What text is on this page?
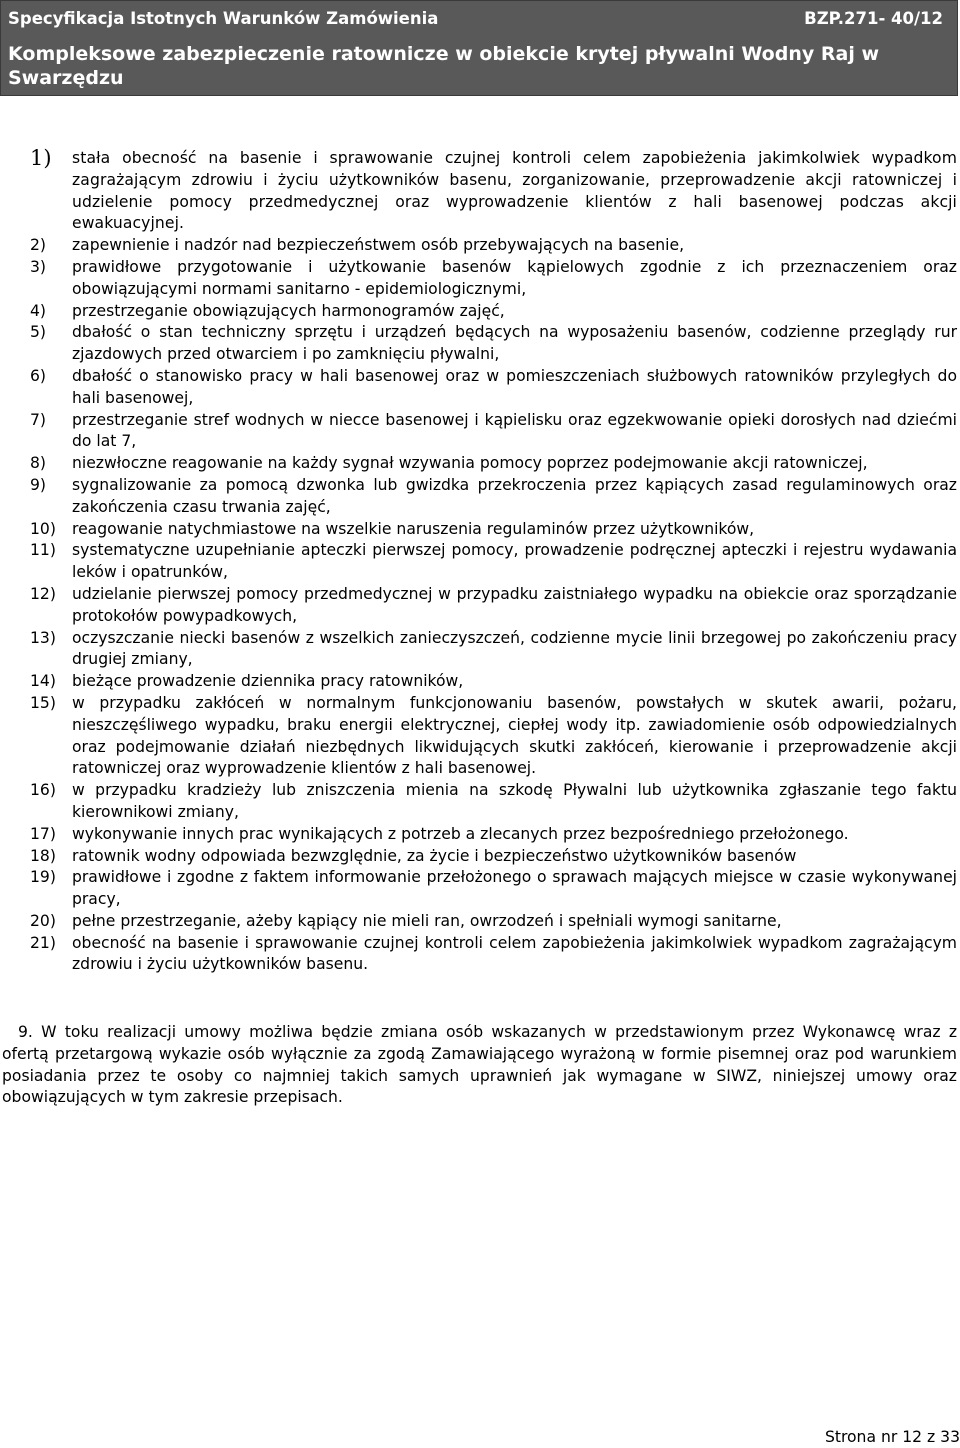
Specyfikacja Istotnych Warunków Zamówienia	BZP.271- 40/12
Kompleksowe zabezpieczenie ratownicze w obiekcie krytej pływalni Wodny Raj w Swarzędzu
1)	stała obecność na basenie i sprawowanie czujnej kontroli celem zapobieżenia jakimkolwiek wypadkom zagrażającym zdrowiu i życiu użytkowników basenu, zorganizowanie, przeprowadzenie akcji ratowniczej i udzielenie pomocy przedmedycznej oraz wyprowadzenie klientów z hali basenowej podczas akcji ewakuacyjnej.
2)	zapewnienie i nadzór nad bezpieczeństwem osób przebywających na basenie,
3)	prawidłowe przygotowanie i użytkowanie basenów kąpielowych zgodnie z ich przeznaczeniem oraz obowiązującymi normami sanitarno - epidemiologicznymi,
4)	przestrzeganie obowiązujących harmonogramów zajęć,
5)	dbałość o stan techniczny sprzętu i urządzeń będących na wyposażeniu basenów, codzienne przeglądy rur zjazdowych przed otwarciem i po zamknięciu pływalni,
6)	dbałość o stanowisko pracy w hali basenowej oraz w pomieszczeniach służbowych ratowników przyległych do hali basenowej,
7)	przestrzeganie stref wodnych w niecce basenowej i kąpielisku oraz egzekwowanie opieki dorosłych nad dziećmi do lat 7,
8)	niezwłoczne reagowanie na każdy sygnał wzywania pomocy poprzez podejmowanie akcji ratowniczej,
9)	sygnalizowanie za pomocą dzwonka lub gwizdka przekroczenia przez kąpiących zasad regulaminowych oraz zakończenia czasu trwania zajęć,
10)	reagowanie natychmiastowe na wszelkie naruszenia regulaminów przez użytkowników,
11)	systematyczne uzupełnianie apteczki pierwszej pomocy, prowadzenie podręcznej apteczki i rejestru wydawania leków i opatrunków,
12)	udzielanie pierwszej pomocy przedmedycznej w przypadku zaistniałego wypadku na obiekcie oraz sporządzanie protokołów powypadkowych,
13)	oczyszczanie niecki basenów z wszelkich zanieczyszczeń, codzienne mycie linii brzegowej po zakończeniu pracy drugiej zmiany,
14)	bieżące prowadzenie dziennika pracy ratowników,
15)	w przypadku zakłóceń w normalnym funkcjonowaniu basenów, powstałych w skutek awarii, pożaru, nieszczęśliwego wypadku, braku energii elektrycznej, ciepłej wody itp. zawiadomienie osób odpowiedzialnych oraz podejmowanie działań niezbędnych likwidujących skutki zakłóceń, kierowanie i przeprowadzenie akcji ratowniczej oraz wyprowadzenie klientów z hali basenowej.
16)	w przypadku kradzieży lub zniszczenia mienia na szkodę Pływalni lub użytkownika zgłaszanie tego faktu kierownikowi zmiany,
17)	wykonywanie innych prac wynikających z potrzeb a zlecanych przez bezpośredniego przełożonego.
18)	ratownik wodny odpowiada bezwzględnie, za życie i bezpieczeństwo użytkowników basenów
19)	prawidłowe i zgodne z faktem informowanie przełożonego o sprawach mających miejsce w czasie wykonywanej pracy,
20)	pełne przestrzeganie, ażeby kąpiący nie mieli ran, owrzodzeń i spełniali wymogi sanitarne,
21)	obecność na basenie i sprawowanie czujnej kontroli celem zapobieżenia jakimkolwiek wypadkom zagrażającym zdrowiu i życiu użytkowników basenu.
9. W toku realizacji umowy możliwa będzie zmiana osób wskazanych w przedstawionym przez Wykonawcę wraz z ofertą przetargową wykazie osób wyłącznie za zgodą Zamawiającego wyrażoną w formie pisemnej oraz pod warunkiem posiadania przez te osoby co najmniej takich samych uprawnień jak wymagane w SIWZ, niniejszej umowy oraz obowiązujących w tym zakresie przepisach.
Strona nr 12 z 33
